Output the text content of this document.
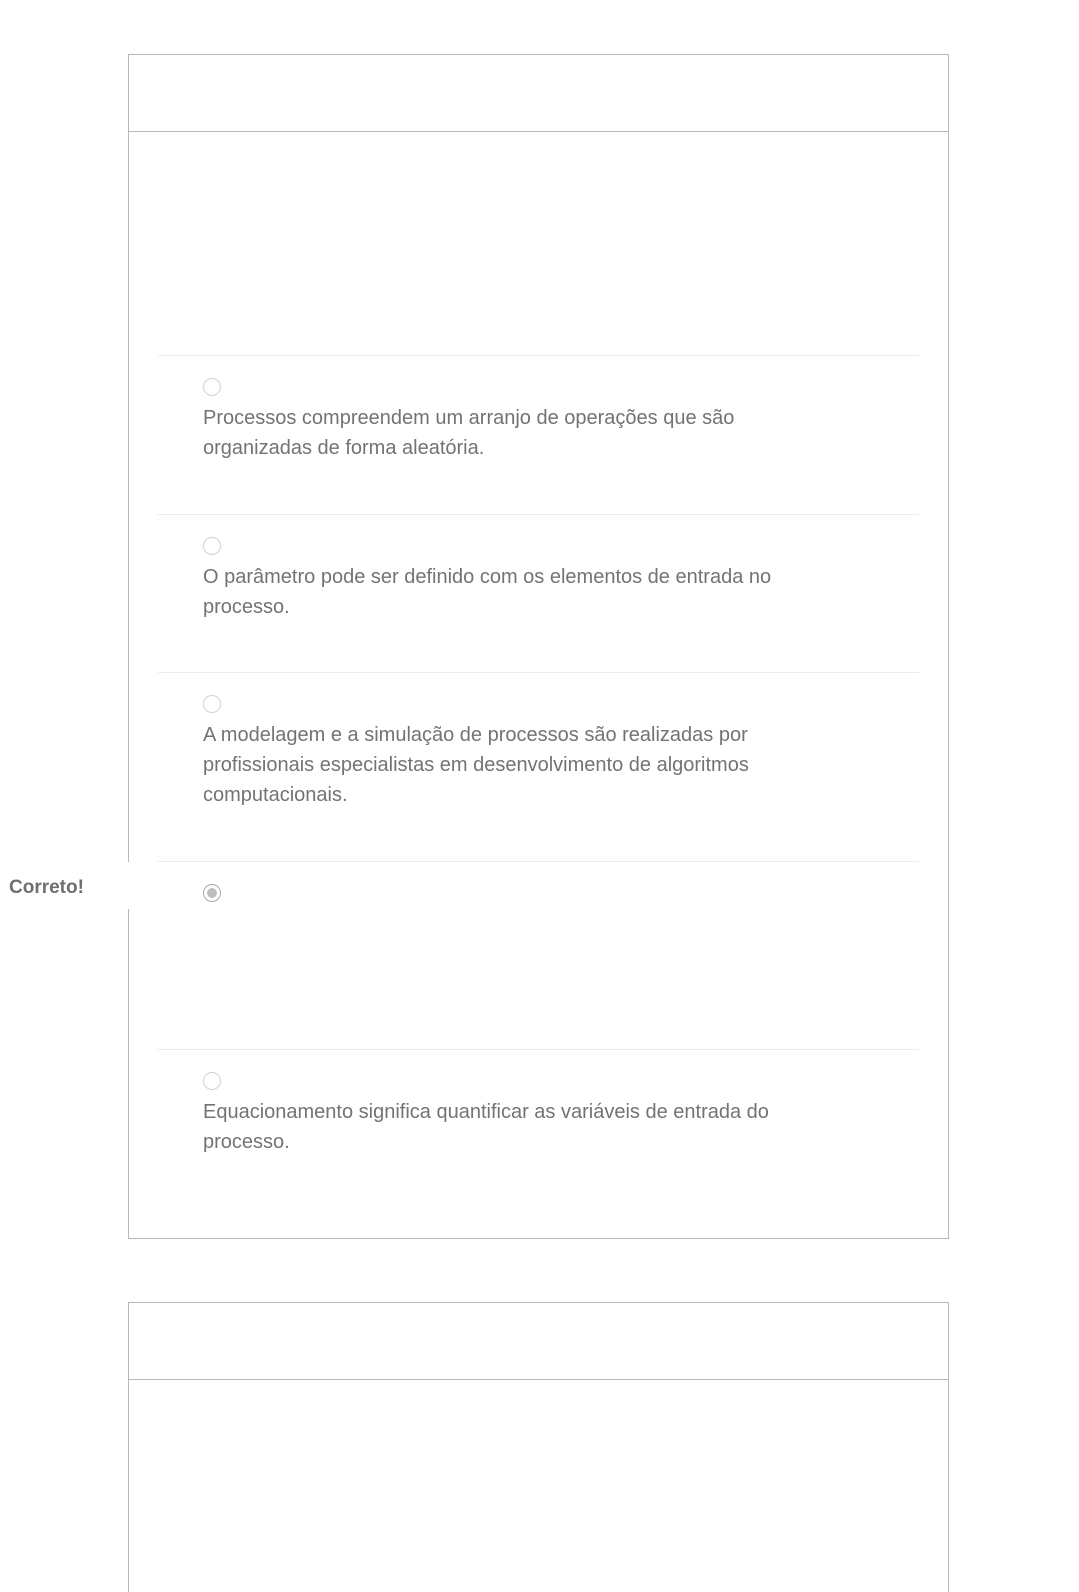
Processos compreendem um arranjo de operações que são organizadas de forma aleatória.
O parâmetro pode ser definido com os elementos de entrada no processo.
A modelagem e a simulação de processos são realizadas por profissionais especialistas em desenvolvimento de algoritmos computacionais.
Equacionamento significa quantificar as variáveis de entrada do processo.
Correto!
